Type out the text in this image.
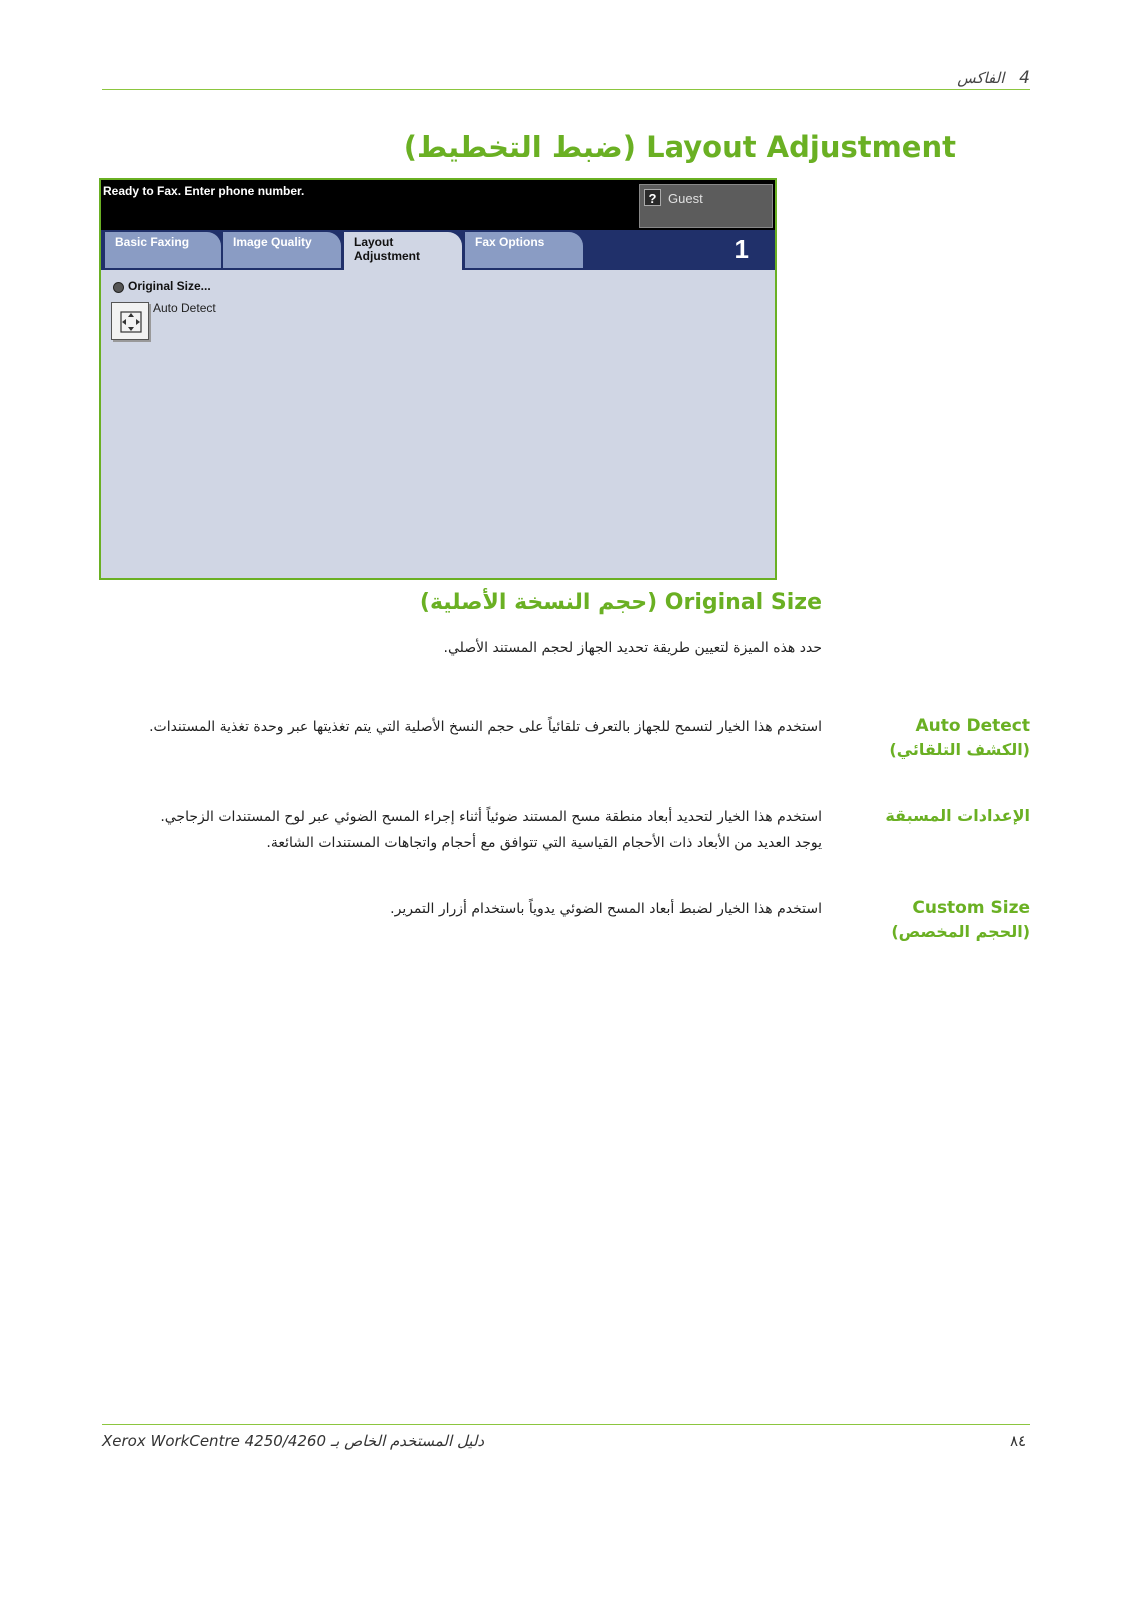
4 الفاكس
Layout Adjustment (ضبط التخطيط)
Ready to Fax. Enter phone number.	? Guest
Basic Faxing	Image Quality	Layout Adjustment
Fax Options	1
Original Size...
Auto Detect
Original Size (حجم النسخة الأصلية)
حدد هذه الميزة لتعيين طريقة تحديد الجهاز لحجم المستند الأصلي.
Auto Detect
(الكشف التلقائي)
استخدم هذا الخيار لتسمح للجهاز بالتعرف تلقائياً على حجم النسخ الأصلية التي يتم تغذيتها عبر وحدة تغذية المستندات.
الإعدادات المسبقة
استخدم هذا الخيار لتحديد أبعاد منطقة مسح المستند ضوئياً أثناء إجراء المسح الضوئي عبر لوح المستندات الزجاجي. يوجد العديد من الأبعاد ذات الأحجام القياسية التي تتوافق مع أحجام واتجاهات المستندات الشائعة.
Custom Size
(الحجم المخصص)
استخدم هذا الخيار لضبط أبعاد المسح الضوئي يدوياً باستخدام أزرار التمرير.
Xerox WorkCentre 4250/4260 دليل المستخدم الخاص بـ	٨٤
